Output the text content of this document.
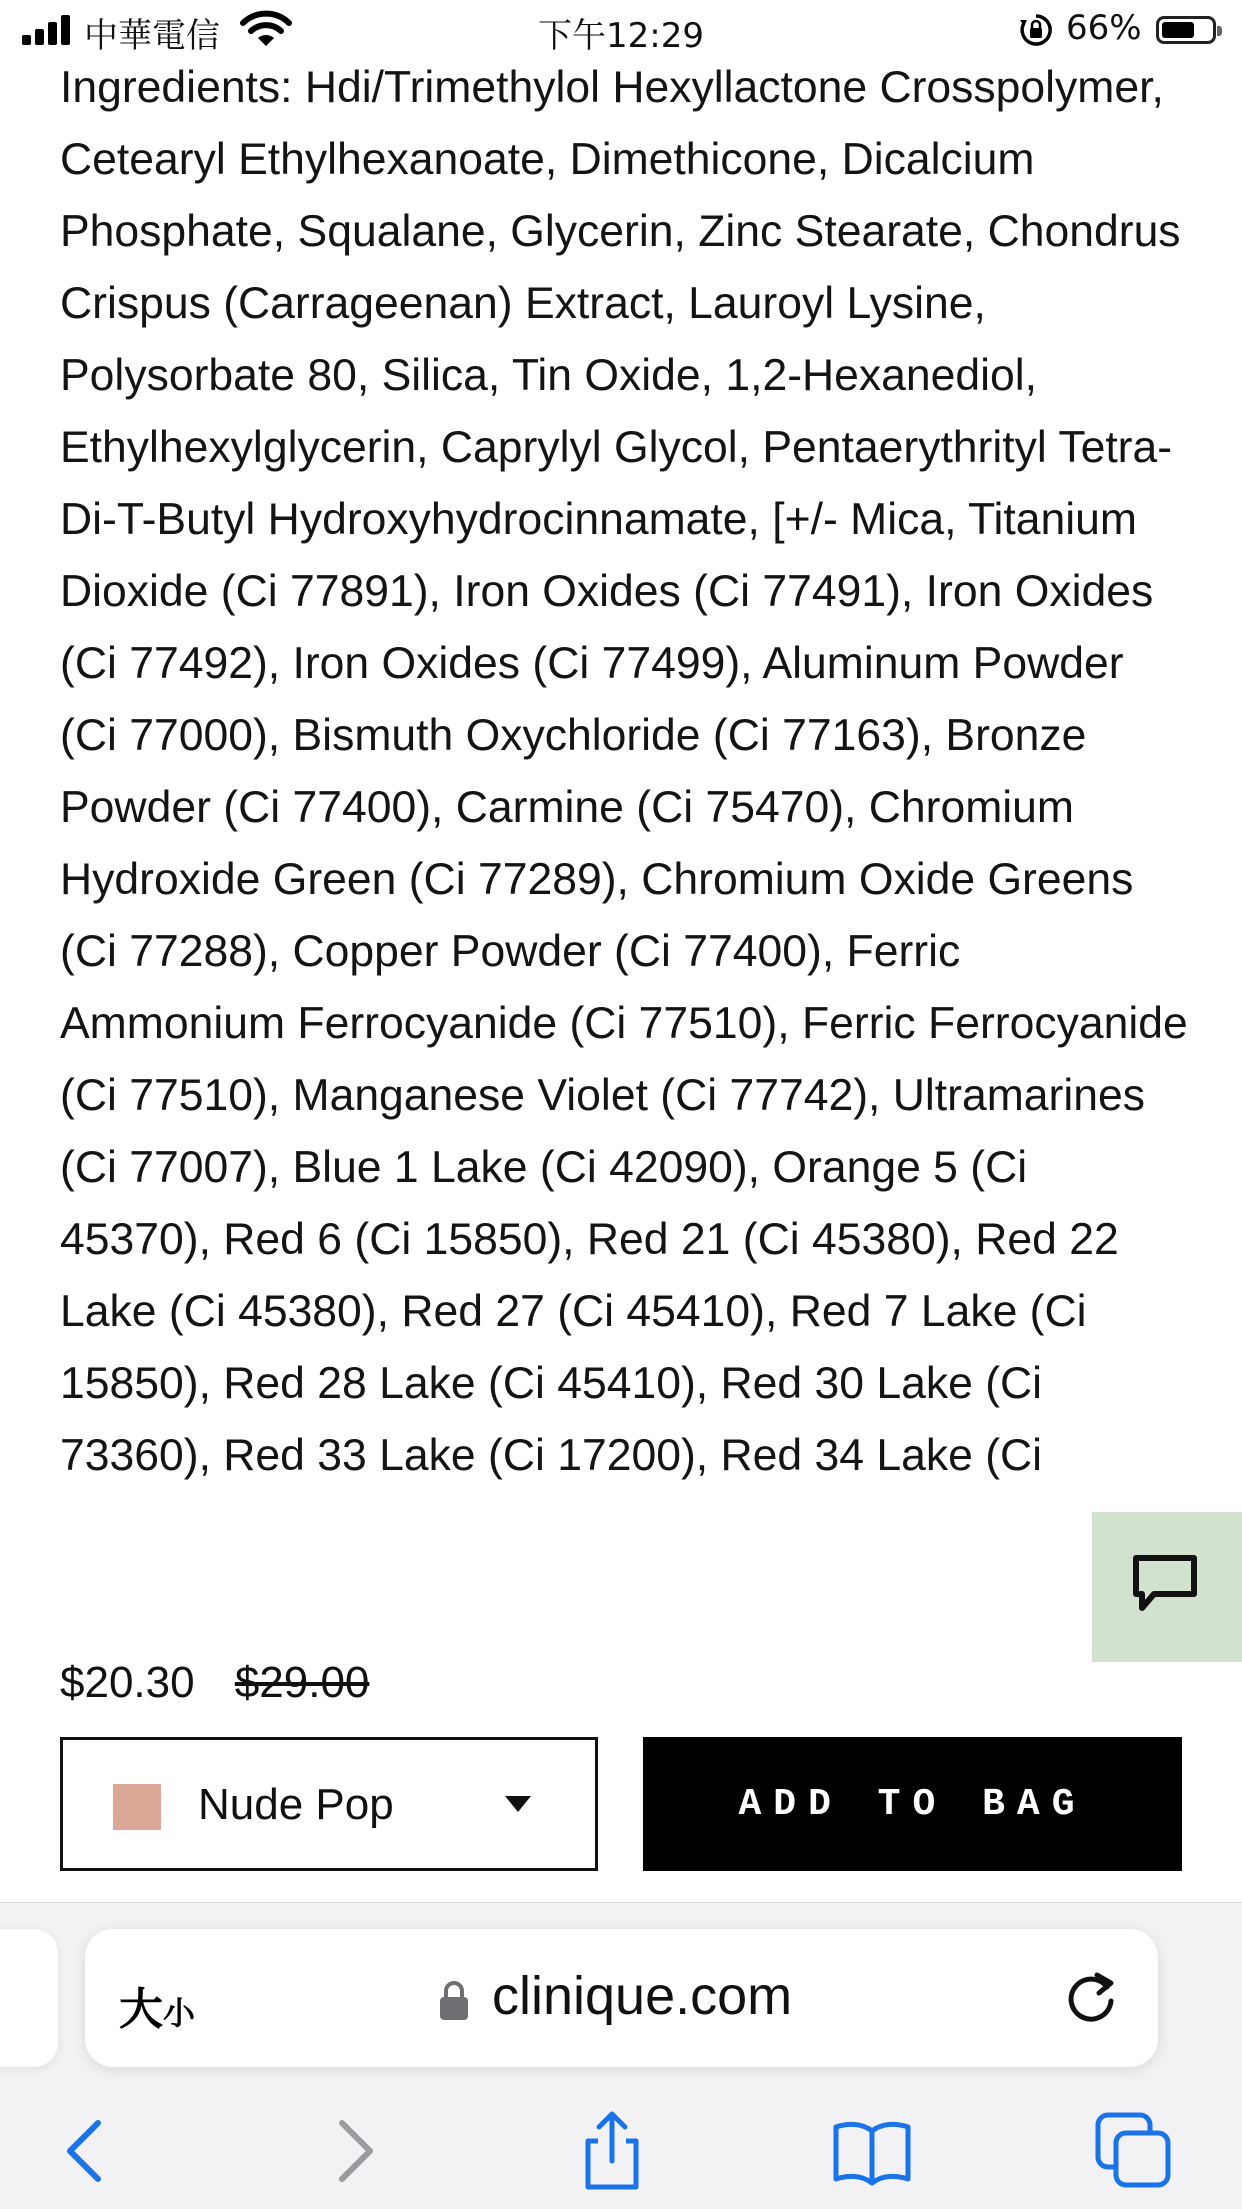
中華電信	下午12:29	66%
Ingredients: Hdi/Trimethylol Hexyllactone Crosspolymer, Cetearyl Ethylhexanoate, Dimethicone, Dicalcium Phosphate, Squalane, Glycerin, Zinc Stearate, Chondrus Crispus (Carrageenan) Extract, Lauroyl Lysine, Polysorbate 80, Silica, Tin Oxide, 1,2-Hexanediol, Ethylhexylglycerin, Caprylyl Glycol, Pentaerythrityl Tetra-Di-T-Butyl Hydroxyhydrocinnamate, [+/- Mica, Titanium Dioxide (Ci 77891), Iron Oxides (Ci 77491), Iron Oxides (Ci 77492), Iron Oxides (Ci 77499), Aluminum Powder (Ci 77000), Bismuth Oxychloride (Ci 77163), Bronze Powder (Ci 77400), Carmine (Ci 75470), Chromium Hydroxide Green (Ci 77289), Chromium Oxide Greens (Ci 77288), Copper Powder (Ci 77400), Ferric Ammonium Ferrocyanide (Ci 77510), Ferric Ferrocyanide (Ci 77510), Manganese Violet (Ci 77742), Ultramarines (Ci 77007), Blue 1 Lake (Ci 42090), Orange 5 (Ci 45370), Red 6 (Ci 15850), Red 21 (Ci 45380), Red 22 Lake (Ci 45380), Red 27 (Ci 45410), Red 7 Lake (Ci 15850), Red 28 Lake (Ci 45410), Red 30 Lake (Ci 73360), Red 33 Lake (Ci 17200), Red 34 Lake (Ci
$20.30 $29.00
Nude Pop	ADD TO BAG
大小	clinique.com
